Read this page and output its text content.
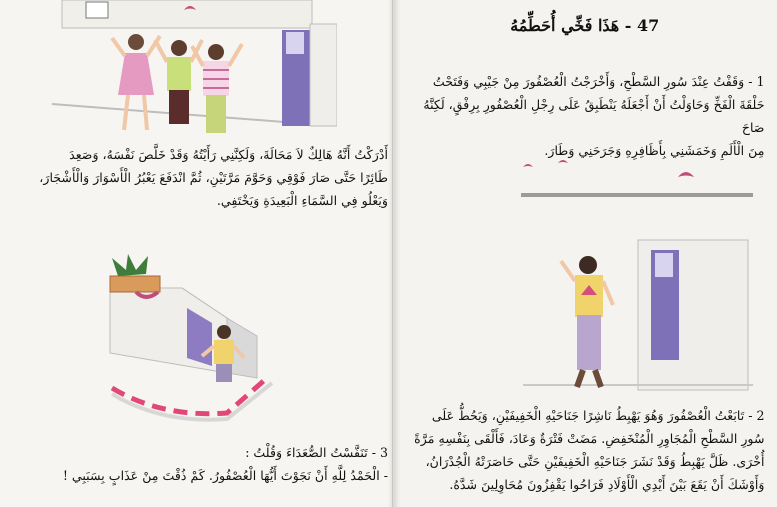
أَدْرَكْتُ أَنَّهُ هَالِكٌ لاَ مَحَالَةَ، وَلَكِنَّنِي رَأَيْتُهُ وَقَدْ خَلَّصَ نَفْسَهُ، وَصَعِدَ
طَائِرًا حَتَّى صَارَ فَوْقِي وَحَوَّمَ مَرَّتَيْنِ، ثُمَّ انْدَفَعَ يَعْبُرُ الْأَسْوَارَ وَالْأَشْجَارَ،
وَيَعْلُو فِي السَّمَاءِ الْبَعِيدَةِ وَيَخْتَفِي.
3 - تَنَفَّسْتُ الصُّعَدَاءَ وَقُلْتُ :
- الْحَمْدُ لِلَّهِ أَنْ نَجَوْتَ أَيُّهَا الْعُصْفُورُ. كَمْ ذُقْتَ مِنْ عَذَابٍ بِسَبَبِي !
47 - هَذَا فَخِّي أُحَطِّمُهُ
1 - وَقَفْتُ عِنْدَ سُورِ السَّطْحِ، وَأَخْرَجْتُ الْعُصْفُورَ مِنْ جَيْبِي وَفَتَحْتُ
حَلْقَةَ الْفَخِّ وَحَاوَلْتُ أَنْ أَجْعَلَهُ يَنْطَبِقُ عَلَى رِجْلِ الْعُصْفُورِ بِرِفْقٍ، لَكِنَّهُ صَاحَ
مِنَ الْأَلَمِ وَخَمَشَنِي بِأَظَافِرِهِ وَجَرَحَنِي وَطَارَ.
2 - تَابَعْتُ الْعُصْفُورَ وَهُوَ يَهْبِطُ نَاشِرًا جَنَاحَيْهِ الْخَفِيفَيْنِ، وَيَحُطُّ عَلَى
سُورِ السَّطْحِ الْمُجَاوِرِ الْمُنْخَفِضِ. مَضَتْ فَتْرَةٌ وَعَادَ، فَأَلْقَى بِنَفْسِهِ مَرَّةً
أُخْرَى. ظَلَّ يَهْبِطُ وَقَدْ نَشَرَ جَنَاحَيْهِ الْخَفِيفَيْنِ حَتَّى حَاصَرَتْهُ الْجُدْرَانُ،
وَأَوْشَكَ أَنْ يَقَعَ بَيْنَ أَيْدِي الْأَوْلَادِ فَرَاحُوا يَقْفِزُونَ مُحَاوِلِينَ شَدَّهُ.
